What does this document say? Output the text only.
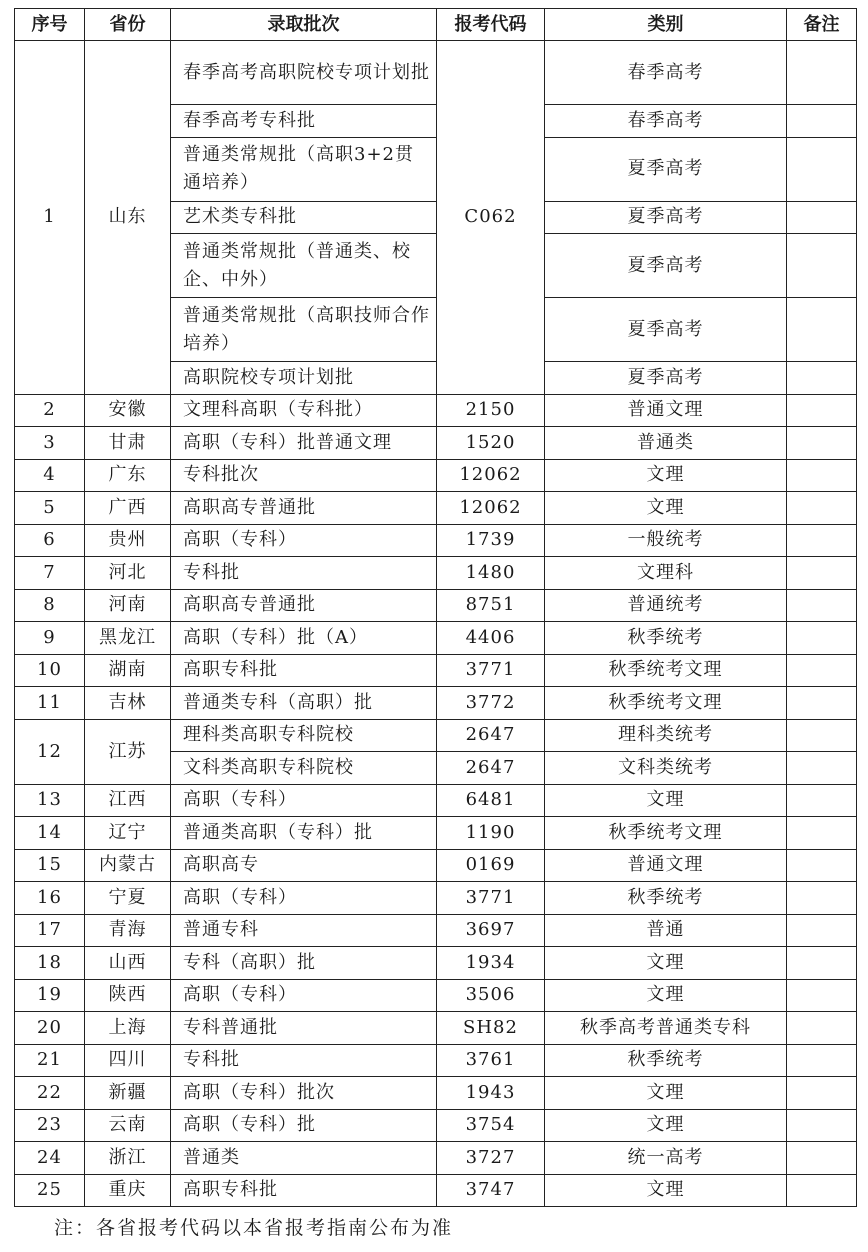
序号	省份	录取批次	报考代码	类别	备注
1	山东	春季高考高职院校专项计划批	C062	春季高考	
		春季高考专科批		春季高考	
		普通类常规批（高职3+2贯通培养）		夏季高考	
		艺术类专科批		夏季高考	
		普通类常规批（普通类、校企、中外）		夏季高考	
		普通类常规批（高职技师合作培养）		夏季高考	
		高职院校专项计划批		夏季高考	
2	安徽	文理科高职（专科批）	2150	普通文理	
3	甘肃	高职（专科）批普通文理	1520	普通类	
4	广东	专科批次	12062	文理	
5	广西	高职高专普通批	12062	文理	
6	贵州	高职（专科）	1739	一般统考	
7	河北	专科批	1480	文理科	
8	河南	高职高专普通批	8751	普通统考	
9	黑龙江	高职（专科）批（A）	4406	秋季统考	
10	湖南	高职专科批	3771	秋季统考文理	
11	吉林	普通类专科（高职）批	3772	秋季统考文理	
12	江苏	理科类高职专科院校	2647	理科类统考	
		文科类高职专科院校	2647	文科类统考	
13	江西	高职（专科）	6481	文理	
14	辽宁	普通类高职（专科）批	1190	秋季统考文理	
15	内蒙古	高职高专	0169	普通文理	
16	宁夏	高职（专科）	3771	秋季统考	
17	青海	普通专科	3697	普通	
18	山西	专科（高职）批	1934	文理	
19	陕西	高职（专科）	3506	文理	
20	上海	专科普通批	SH82	秋季高考普通类专科	
21	四川	专科批	3761	秋季统考	
22	新疆	高职（专科）批次	1943	文理	
23	云南	高职（专科）批	3754	文理	
24	浙江	普通类	3727	统一高考	
25	重庆	高职专科批	3747	文理	
注：各省报考代码以本省报考指南公布为准
